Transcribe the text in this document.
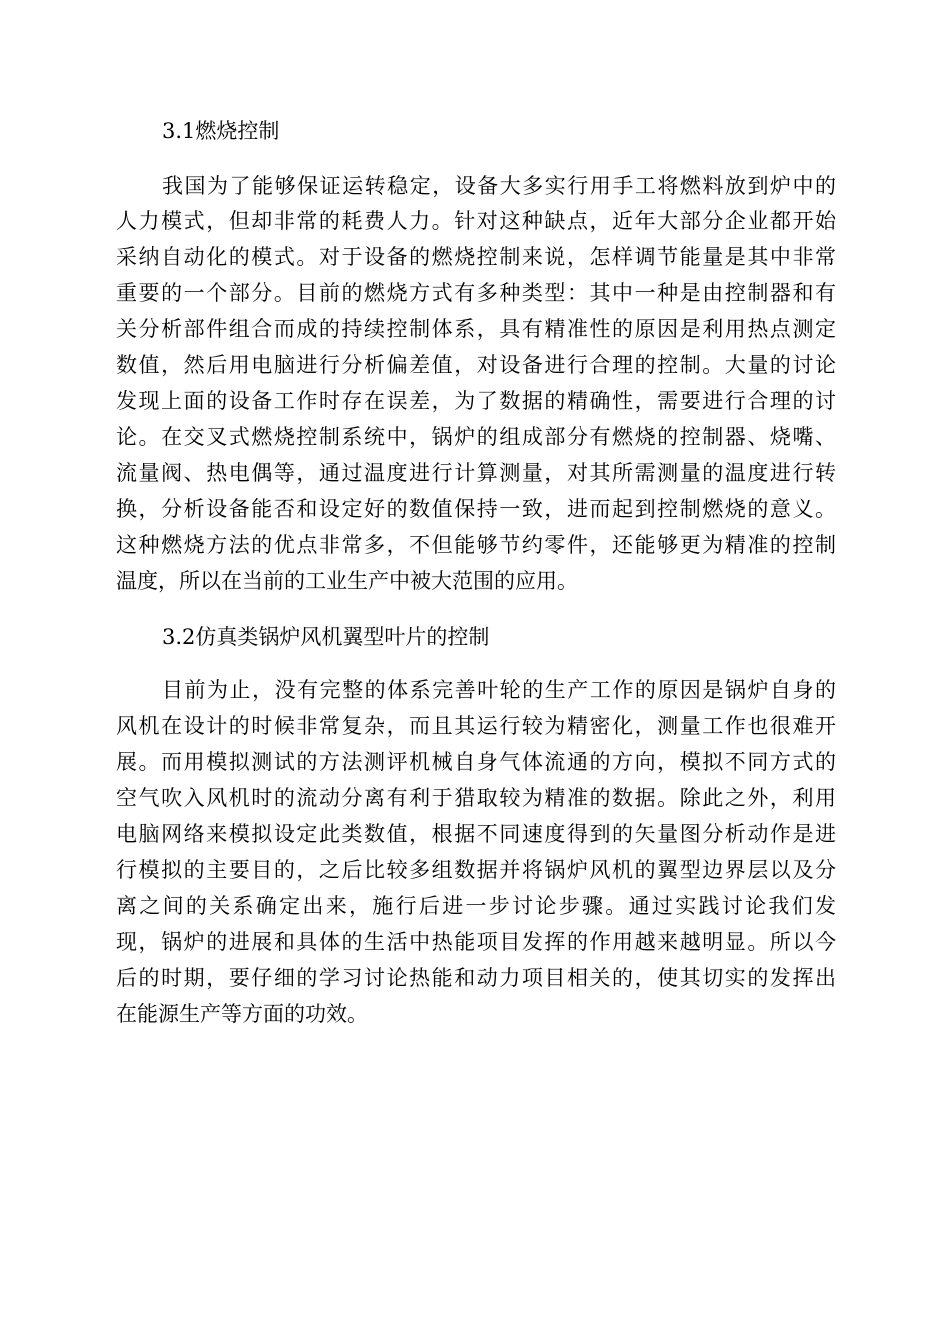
3.1燃烧控制
我国为了能够保证运转稳定，设备大多实行用手工将燃料放到炉中的
人力模式，但却非常的耗费人力。针对这种缺点，近年大部分企业都开始
采纳自动化的模式。对于设备的燃烧控制来说，怎样调节能量是其中非常
重要的一个部分。目前的燃烧方式有多种类型：其中一种是由控制器和有
关分析部件组合而成的持续控制体系，具有精准性的原因是利用热点测定
数值，然后用电脑进行分析偏差值，对设备进行合理的控制。大量的讨论
发现上面的设备工作时存在误差，为了数据的精确性，需要进行合理的讨
论。在交叉式燃烧控制系统中，锅炉的组成部分有燃烧的控制器、烧嘴、
流量阀、热电偶等，通过温度进行计算测量，对其所需测量的温度进行转
换，分析设备能否和设定好的数值保持一致，进而起到控制燃烧的意义。
这种燃烧方法的优点非常多，不但能够节约零件，还能够更为精准的控制
温度，所以在当前的工业生产中被大范围的应用。
3.2仿真类锅炉风机翼型叶片的控制
目前为止，没有完整的体系完善叶轮的生产工作的原因是锅炉自身的
风机在设计的时候非常复杂，而且其运行较为精密化，测量工作也很难开
展。而用模拟测试的方法测评机械自身气体流通的方向，模拟不同方式的
空气吹入风机时的流动分离有利于猎取较为精准的数据。除此之外，利用
电脑网络来模拟设定此类数值，根据不同速度得到的矢量图分析动作是进
行模拟的主要目的，之后比较多组数据并将锅炉风机的翼型边界层以及分
离之间的关系确定出来，施行后进一步讨论步骤。通过实践讨论我们发
现，锅炉的进展和具体的生活中热能项目发挥的作用越来越明显。所以今
后的时期，要仔细的学习讨论热能和动力项目相关的，使其切实的发挥出
在能源生产等方面的功效。
